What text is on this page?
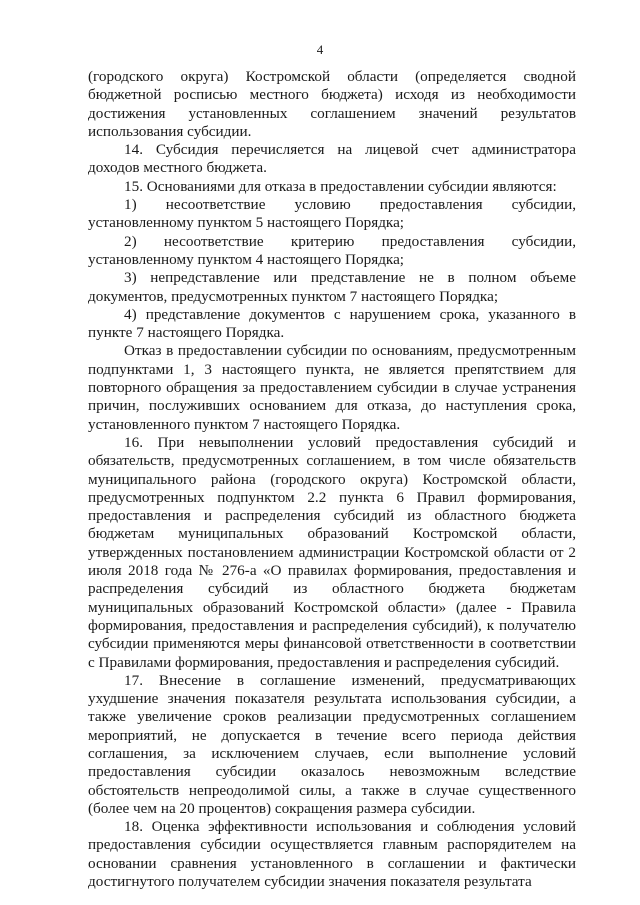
4

(городского округа) Костромской области (определяется сводной бюджетной росписью местного бюджета) исходя из необходимости достижения установленных соглашением значений результатов использования субсидии.

14. Субсидия перечисляется на лицевой счет администратора доходов местного бюджета.

15. Основаниями для отказа в предоставлении субсидии являются:

1) несоответствие условию предоставления субсидии, установленному пунктом 5 настоящего Порядка;

2) несоответствие критерию предоставления субсидии, установленному пунктом 4 настоящего Порядка;

3) непредставление или представление не в полном объеме документов, предусмотренных пунктом 7 настоящего Порядка;

4) представление документов с нарушением срока, указанного в пункте 7 настоящего Порядка.

Отказ в предоставлении субсидии по основаниям, предусмотренным подпунктами 1, 3 настоящего пункта, не является препятствием для повторного обращения за предоставлением субсидии в случае устранения причин, послуживших основанием для отказа, до наступления срока, установленного пунктом 7 настоящего Порядка.

16. При невыполнении условий предоставления субсидий и обязательств, предусмотренных соглашением, в том числе обязательств муниципального района (городского округа) Костромской области, предусмотренных подпунктом 2.2 пункта 6 Правил формирования, предоставления и распределения субсидий из областного бюджета бюджетам муниципальных образований Костромской области, утвержденных постановлением администрации Костромской области от 2 июля 2018 года № 276-а «О правилах формирования, предоставления и распределения субсидий из областного бюджета бюджетам муниципальных образований Костромской области» (далее - Правила формирования, предоставления и распределения субсидий), к получателю субсидии применяются меры финансовой ответственности в соответствии с Правилами формирования, предоставления и распределения субсидий.

17. Внесение в соглашение изменений, предусматривающих ухудшение значения показателя результата использования субсидии, а также увеличение сроков реализации предусмотренных соглашением мероприятий, не допускается в течение всего периода действия соглашения, за исключением случаев, если выполнение условий предоставления субсидии оказалось невозможным вследствие обстоятельств непреодолимой силы, а также в случае существенного (более чем на 20 процентов) сокращения размера субсидии.

18. Оценка эффективности использования и соблюдения условий предоставления субсидии осуществляется главным распорядителем на основании сравнения установленного в соглашении и фактически достигнутого получателем субсидии значения показателя результата
